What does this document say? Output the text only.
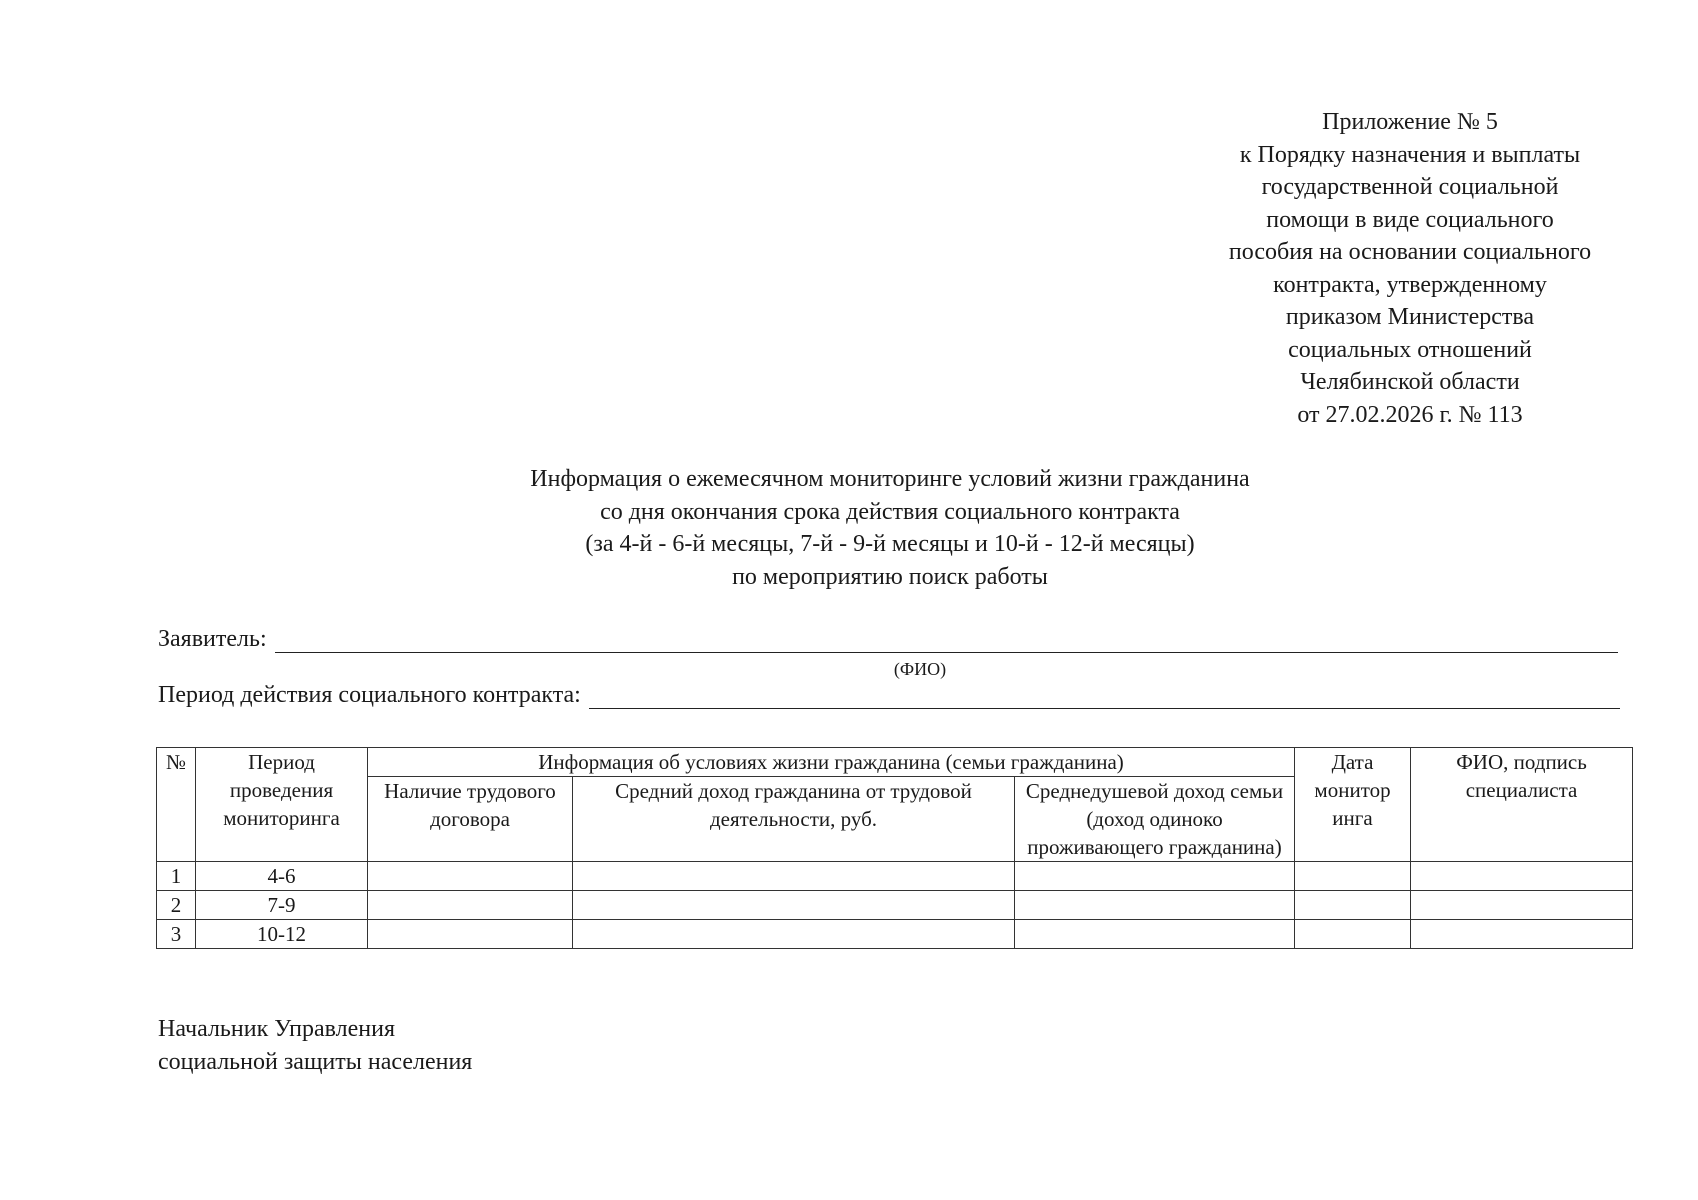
Приложение № 5
к Порядку назначения и выплаты
государственной социальной
помощи в виде социального
пособия на основании социального
контракта, утвержденному
приказом Министерства
социальных отношений
Челябинской области
от 27.02.2026 г. № 113
Информация о ежемесячном мониторинге условий жизни гражданина
со дня окончания срока действия социального контракта
(за 4-й - 6-й месяцы, 7-й - 9-й месяцы и 10-й - 12-й месяцы)
по мероприятию поиск работы
Заявитель:
(ФИО)
Период действия социального контракта:
№	Период проведения мониторинга	Информация об условиях жизни гражданина (семьи гражданина)			Дата монитор инга	ФИО, подпись специалиста
		Наличие трудового договора	Средний доход гражданина от трудовой деятельности, руб.	Среднедушевой доход семьи (доход одиноко проживающего гражданина)		
1	4-6					
2	7-9					
3	10-12					
Начальник Управления
социальной защиты населения
